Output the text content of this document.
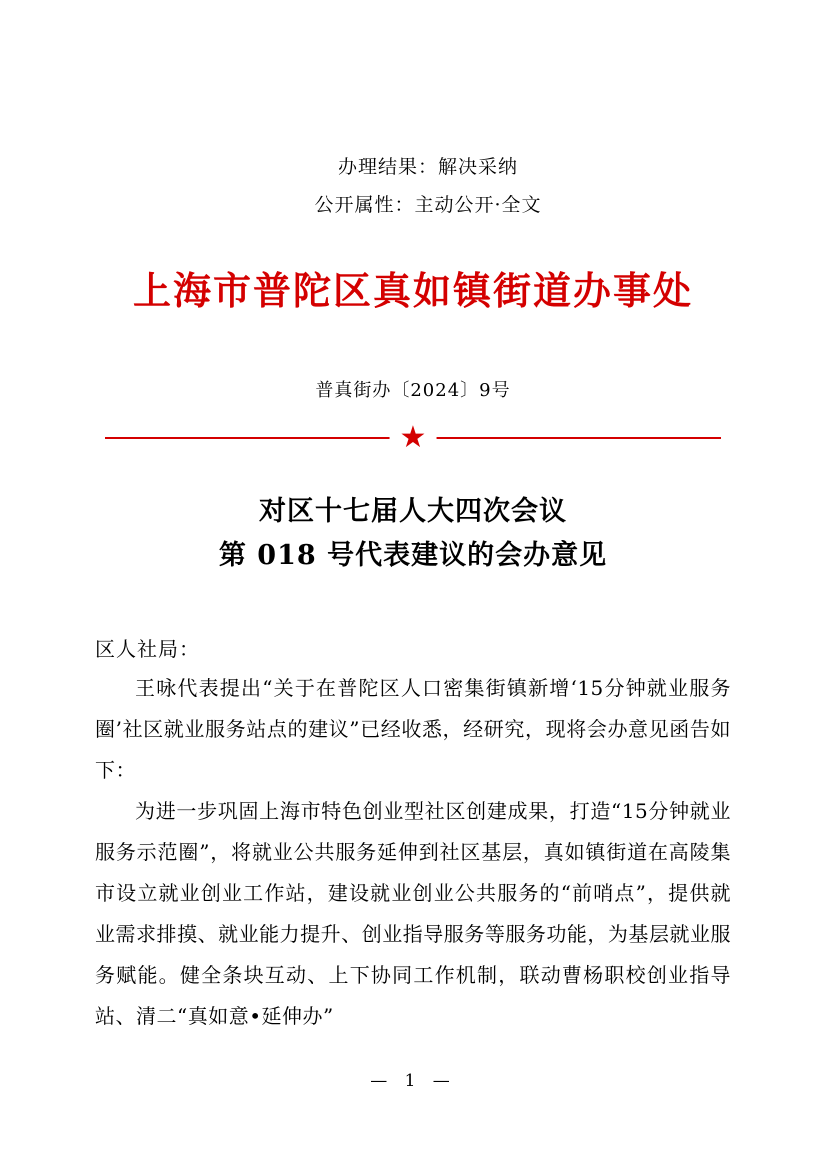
办理结果：解决采纳
公开属性：主动公开·全文
上海市普陀区真如镇街道办事处
普真街办〔2024〕9号
★
对区十七届人大四次会议
第 018 号代表建议的会办意见
区人社局：

王咏代表提出“关于在普陀区人口密集街镇新增‘15分钟就业服务圈’社区就业服务站点的建议”已经收悉，经研究，现将会办意见函告如下：

为进一步巩固上海市特色创业型社区创建成果，打造“15分钟就业服务示范圈”，将就业公共服务延伸到社区基层，真如镇街道在高陵集市设立就业创业工作站，建设就业创业公共服务的“前哨点”，提供就业需求排摸、就业能力提升、创业指导服务等服务功能，为基层就业服务赋能。健全条块互动、上下协同工作机制，联动曹杨职校创业指导站、清二“真如意•延伸办”

— 1 —
